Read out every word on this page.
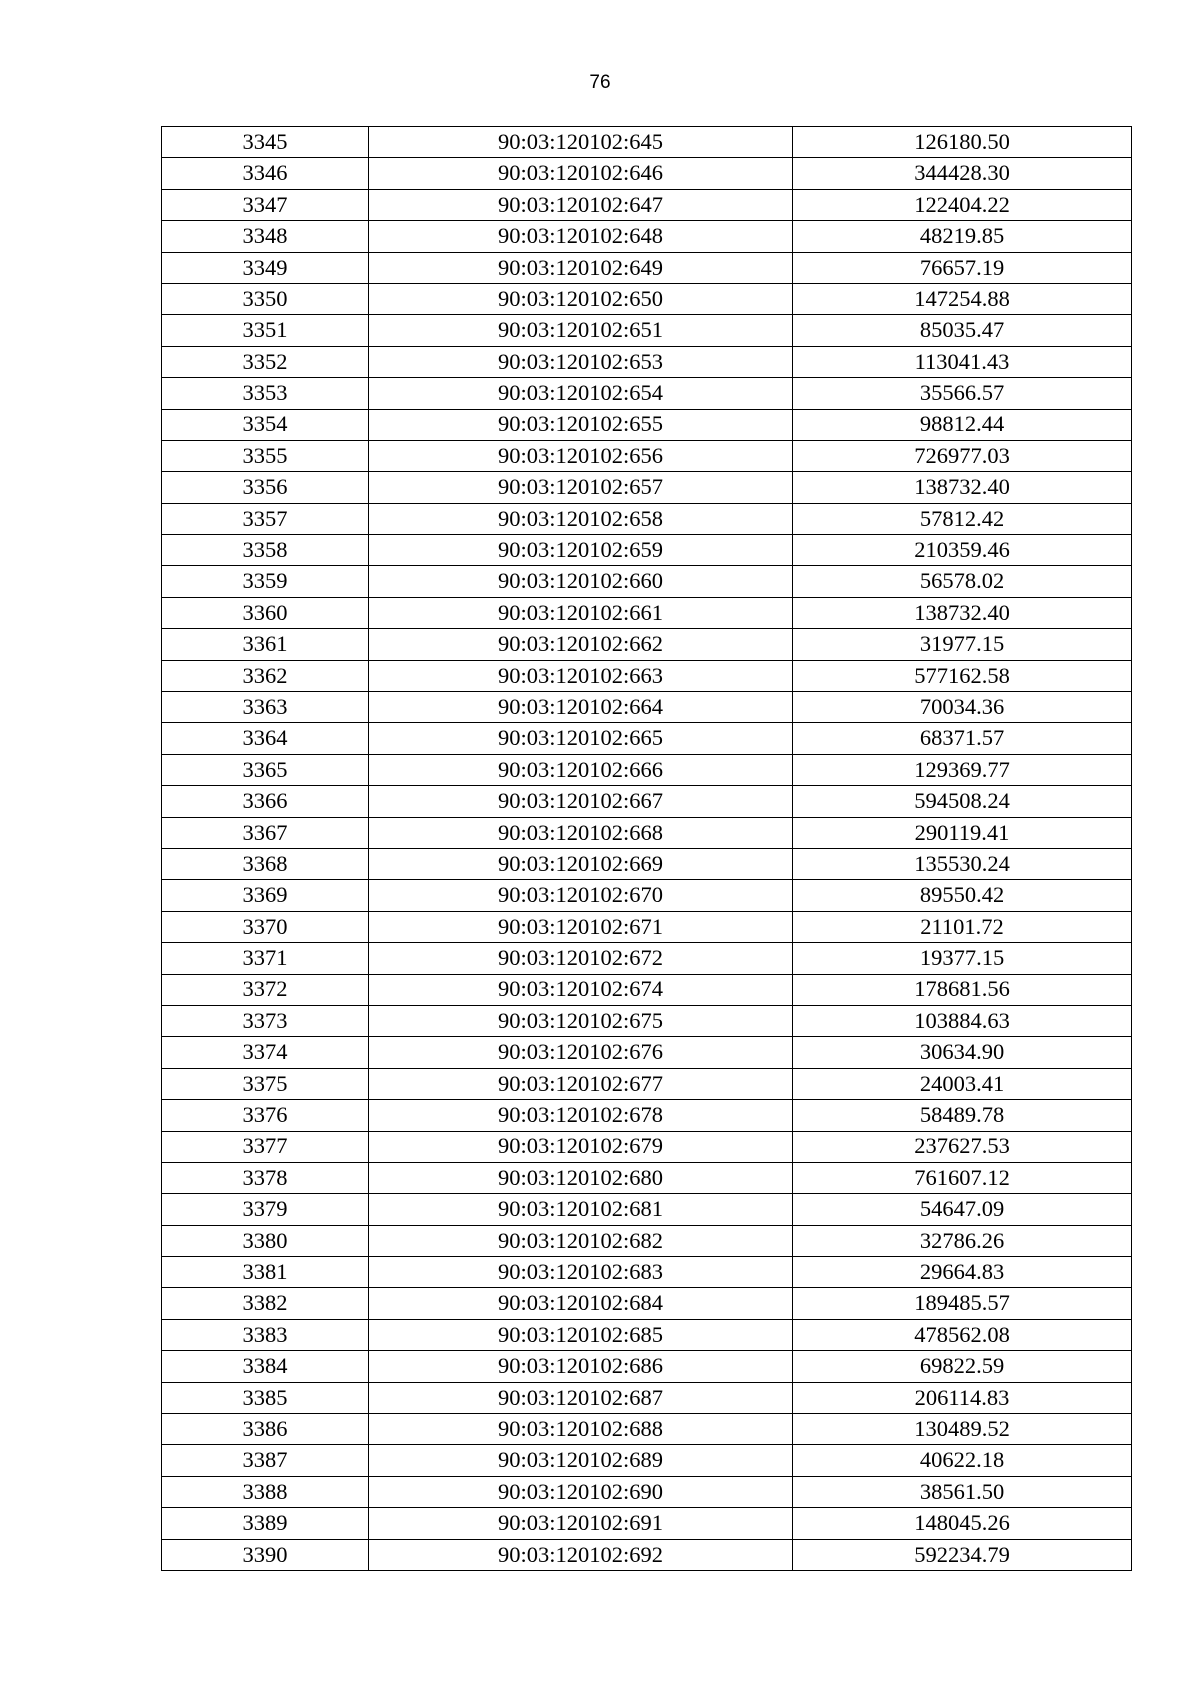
76
3345	90:03:120102:645	126180.50
3346	90:03:120102:646	344428.30
3347	90:03:120102:647	122404.22
3348	90:03:120102:648	48219.85
3349	90:03:120102:649	76657.19
3350	90:03:120102:650	147254.88
3351	90:03:120102:651	85035.47
3352	90:03:120102:653	113041.43
3353	90:03:120102:654	35566.57
3354	90:03:120102:655	98812.44
3355	90:03:120102:656	726977.03
3356	90:03:120102:657	138732.40
3357	90:03:120102:658	57812.42
3358	90:03:120102:659	210359.46
3359	90:03:120102:660	56578.02
3360	90:03:120102:661	138732.40
3361	90:03:120102:662	31977.15
3362	90:03:120102:663	577162.58
3363	90:03:120102:664	70034.36
3364	90:03:120102:665	68371.57
3365	90:03:120102:666	129369.77
3366	90:03:120102:667	594508.24
3367	90:03:120102:668	290119.41
3368	90:03:120102:669	135530.24
3369	90:03:120102:670	89550.42
3370	90:03:120102:671	21101.72
3371	90:03:120102:672	19377.15
3372	90:03:120102:674	178681.56
3373	90:03:120102:675	103884.63
3374	90:03:120102:676	30634.90
3375	90:03:120102:677	24003.41
3376	90:03:120102:678	58489.78
3377	90:03:120102:679	237627.53
3378	90:03:120102:680	761607.12
3379	90:03:120102:681	54647.09
3380	90:03:120102:682	32786.26
3381	90:03:120102:683	29664.83
3382	90:03:120102:684	189485.57
3383	90:03:120102:685	478562.08
3384	90:03:120102:686	69822.59
3385	90:03:120102:687	206114.83
3386	90:03:120102:688	130489.52
3387	90:03:120102:689	40622.18
3388	90:03:120102:690	38561.50
3389	90:03:120102:691	148045.26
3390	90:03:120102:692	592234.79
